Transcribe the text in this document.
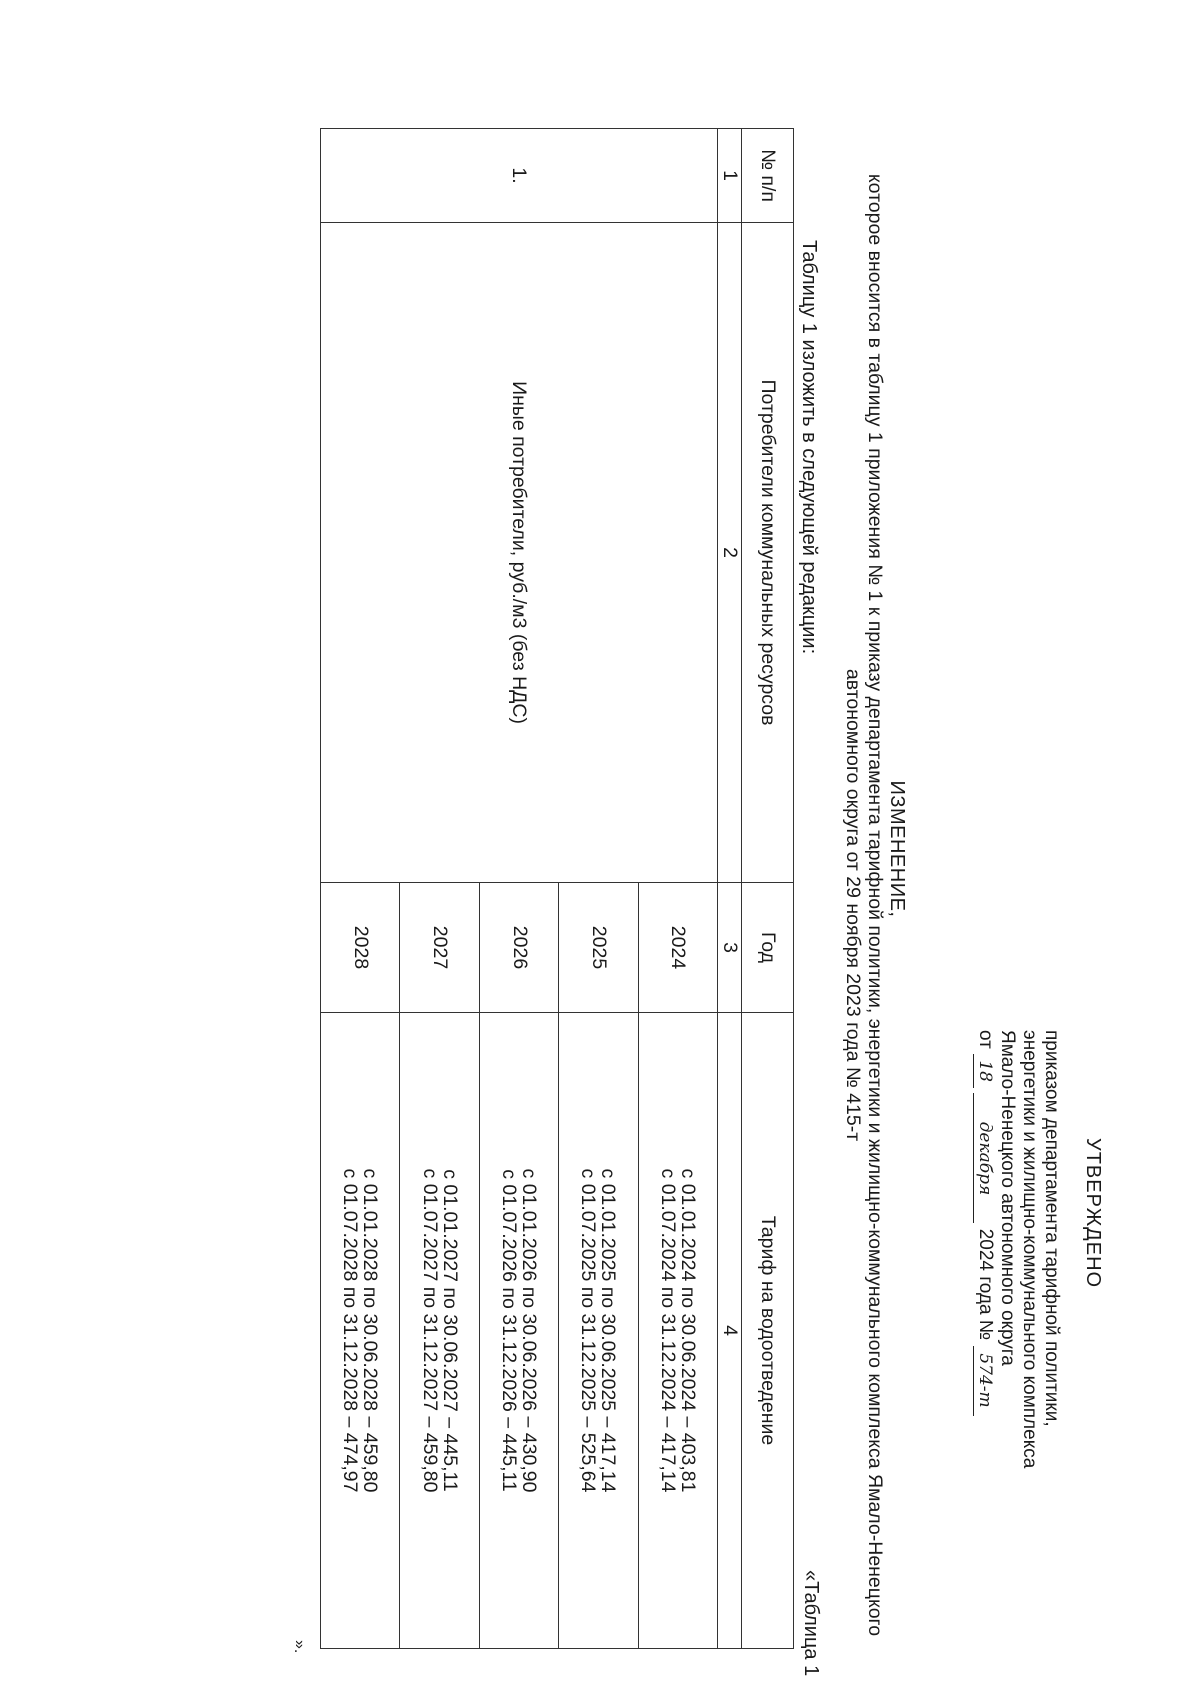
УТВЕРЖДЕНО
приказом департамента тарифной политики,
энергетики и жилищно-коммунального комплекса
Ямало-Ненецкого автономного округа
от 18 декабря 2024 года № 574-т
ИЗМЕНЕНИЕ,
которое вносится в таблицу 1 приложения № 1 к приказу департамента тарифной политики, энергетики и жилищно-коммунального комплекса Ямало-Ненецкого автономного округа от 29 ноября 2023 года № 415-т
Таблицу 1 изложить в следующей редакции:
«Таблица 1
№ п/п	Потребители коммунальных ресурсов	Год	Тариф на водоотведение
1	2	3	4
1.	Иные потребители, руб./м3 (без НДС)	2024	с 01.01.2024 по 30.06.2024 – 403,81
с 01.07.2024 по 31.12.2024 – 417,14

		2025	с 01.01.2025 по 30.06.2025 – 417,14
с 01.07.2025 по 31.12.2025 – 525,64

		2026	с 01.01.2026 по 30.06.2026 – 430,90
с 01.07.2026 по 31.12.2026 – 445,11

		2027	с 01.01.2027 по 30.06.2027 – 445,11
с 01.07.2027 по 31.12.2027 – 459,80

		2028	с 01.01.2028 по 30.06.2028 – 459,80
с 01.07.2028 по 31.12.2028 – 474,97
».
